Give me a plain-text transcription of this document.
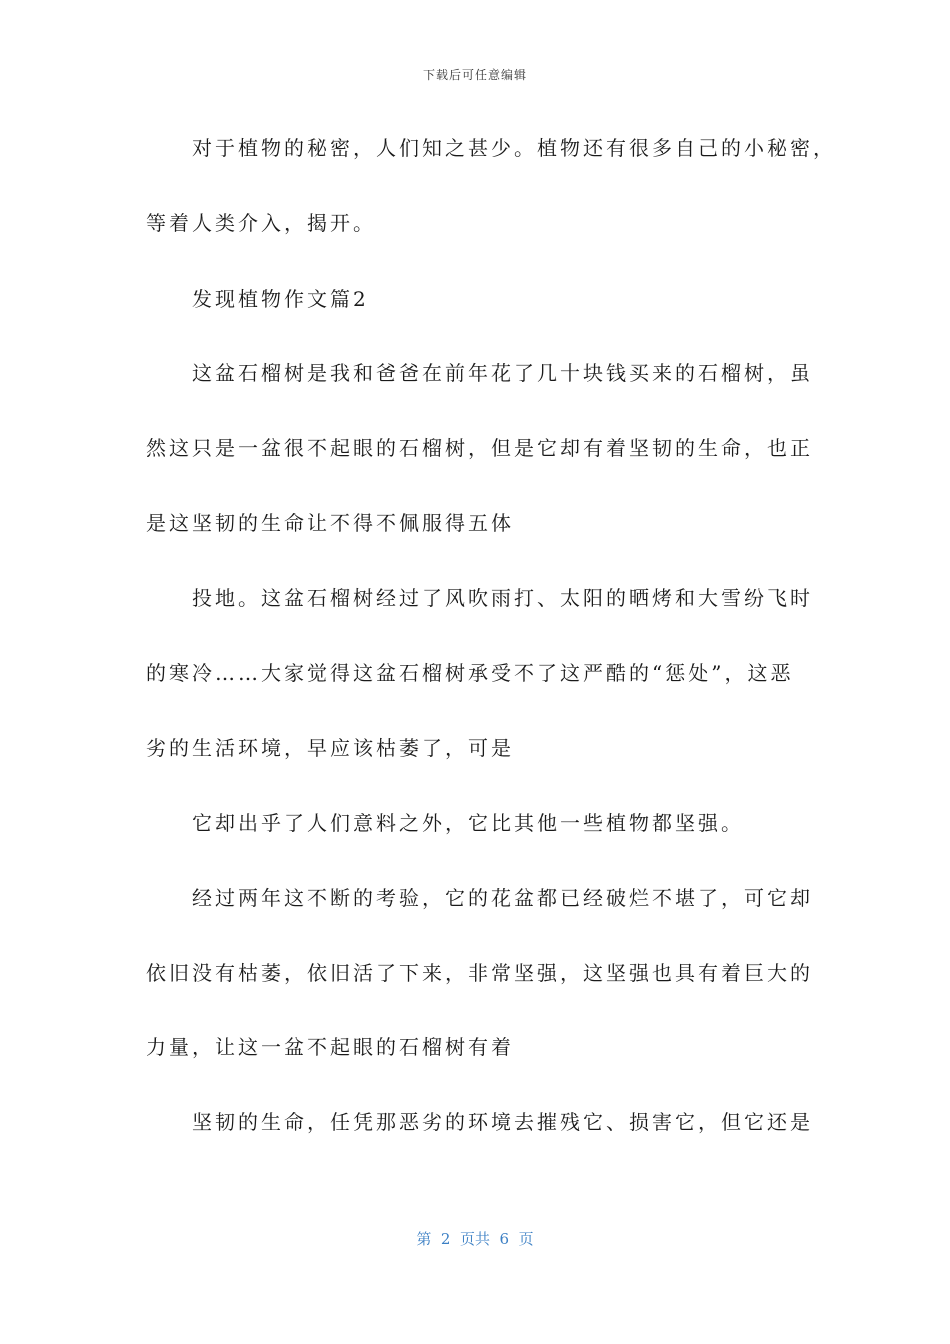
下载后可任意编辑
对于植物的秘密，人们知之甚少。植物还有很多自己的小秘密，
等着人类介入，揭开。
发现植物作文篇2
这盆石榴树是我和爸爸在前年花了几十块钱买来的石榴树，虽
然这只是一盆很不起眼的石榴树，但是它却有着坚韧的生命，也正
是这坚韧的生命让不得不佩服得五体
投地。这盆石榴树经过了风吹雨打、太阳的晒烤和大雪纷飞时
的寒冷……大家觉得这盆石榴树承受不了这严酷的“惩处”，这恶
劣的生活环境，早应该枯萎了，可是
它却出乎了人们意料之外，它比其他一些植物都坚强。
经过两年这不断的考验，它的花盆都已经破烂不堪了，可它却
依旧没有枯萎，依旧活了下来，非常坚强，这坚强也具有着巨大的
力量，让这一盆不起眼的石榴树有着
坚韧的生命，任凭那恶劣的环境去摧残它、损害它，但它还是
第  2  页共  6  页
